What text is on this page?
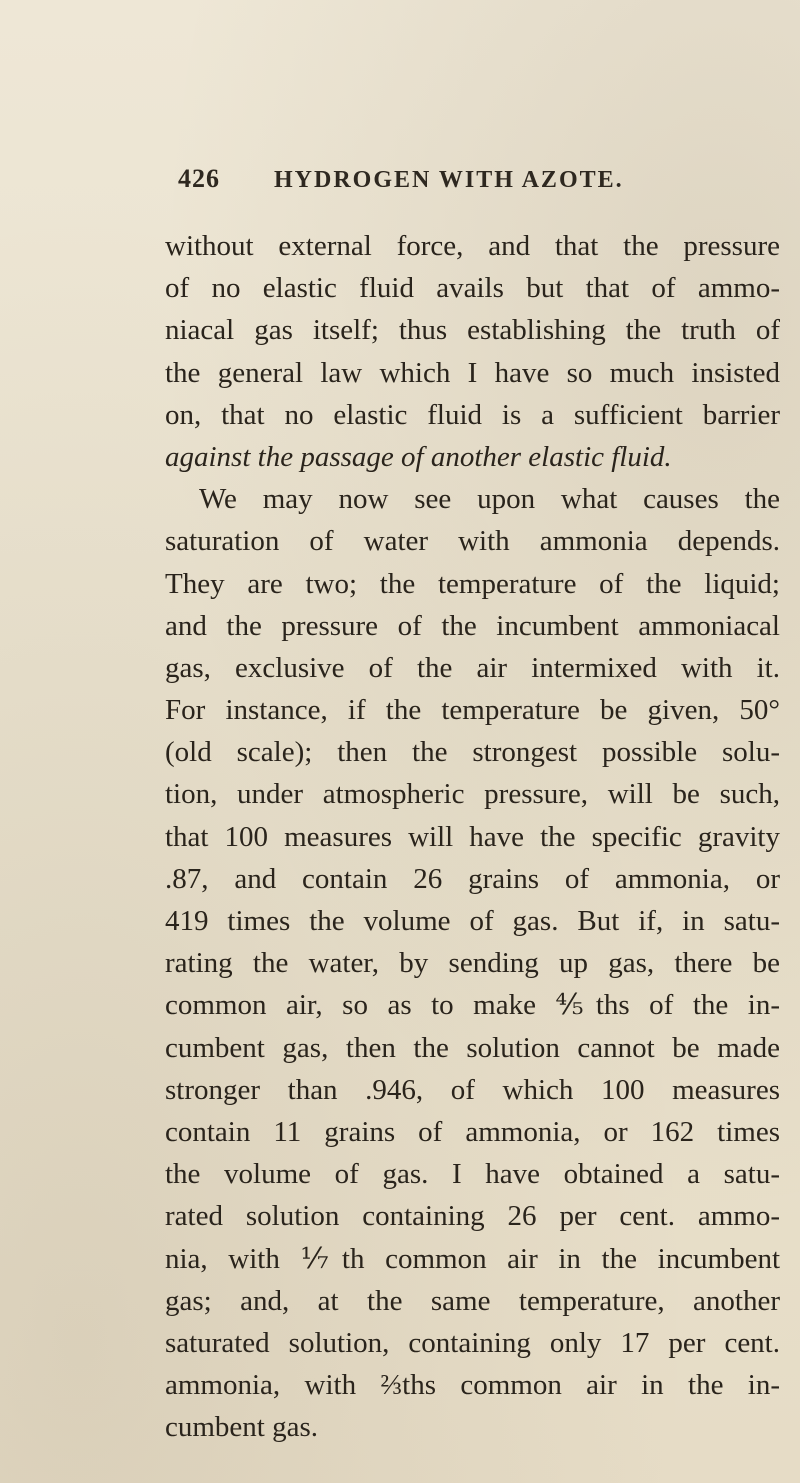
426	HYDROGEN WITH AZOTE.
without external force, and that the pressure
of no elastic fluid avails but that of ammo-
niacal gas itself; thus establishing the truth of
the general law which I have so much insisted
on, that no elastic fluid is a sufficient barrier
against the passage of another elastic fluid.
We may now see upon what causes the
saturation of water with ammonia depends.
They are two; the temperature of the liquid;
and the pressure of the incumbent ammoniacal
gas, exclusive of the air intermixed with it.
For instance, if the temperature be given, 50°
(old scale); then the strongest possible solu-
tion, under atmospheric pressure, will be such,
that 100 measures will have the specific gravity
.87, and contain 26 grains of ammonia, or
419 times the volume of gas. But if, in satu-
rating the water, by sending up gas, there be
common air, so as to make ⅘ths of the in-
cumbent gas, then the solution cannot be made
stronger than .946, of which 100 measures
contain 11 grains of ammonia, or 162 times
the volume of gas. I have obtained a satu-
rated solution containing 26 per cent. ammo-
nia, with ⅐th common air in the incumbent
gas; and, at the same temperature, another
saturated solution, containing only 17 per cent.
ammonia, with ⅔ths common air in the in-
cumbent gas.
